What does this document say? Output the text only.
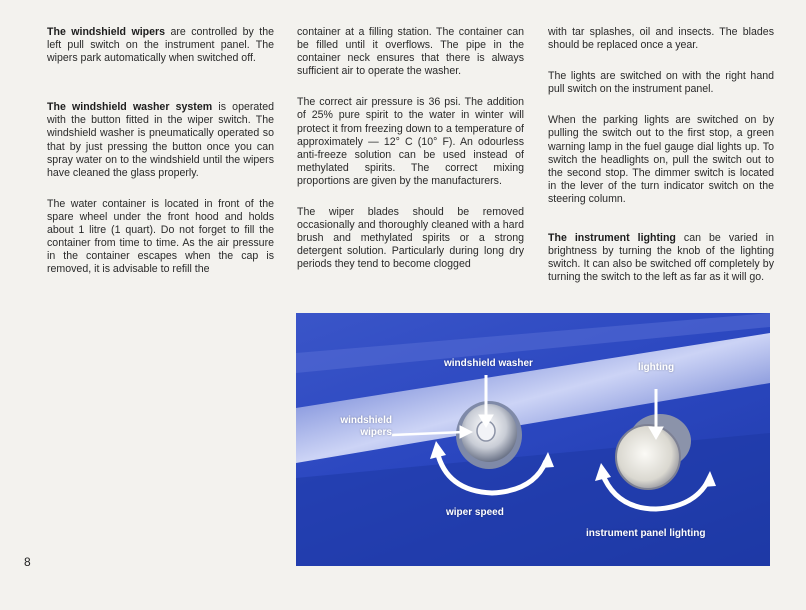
The windshield wipers are controlled by the left pull switch on the instrument panel. The wipers park automatically when switched off.

The windshield washer system is operated with the button fitted in the wiper switch. The windshield washer is pneumatically operated so that by just pressing the button once you can spray water on to the windshield until the wipers have cleaned the glass properly.

The water container is located in front of the spare wheel under the front hood and holds about 1 litre (1 quart). Do not forget to fill the container from time to time. As the air pressure in the container escapes when the cap is removed, it is advisable to refill the

container at a filling station. The container can be filled until it overflows. The pipe in the container neck ensures that there is always sufficient air to operate the washer.

The correct air pressure is 36 psi. The addition of 25% pure spirit to the water in winter will protect it from freezing down to a temperature of approximately — 12° C (10° F). An odourless anti-freeze solution can be used instead of methylated spirits. The correct mixing proportions are given by the manufacturers.

The wiper blades should be removed occasionally and thoroughly cleaned with a hard brush and methylated spirits or a strong detergent solution. Particularly during long dry periods they tend to become clogged

with tar splashes, oil and insects. The blades should be replaced once a year.

The lights are switched on with the right hand pull switch on the instrument panel.

When the parking lights are switched on by pulling the switch out to the first stop, a green warning lamp in the fuel gauge dial lights up. To switch the headlights on, pull the switch out to the second stop. The dimmer switch is located in the lever of the turn indicator switch on the steering column.

The instrument lighting can be varied in brightness by turning the knob of the lighting switch. It can also be switched off completely by turning the switch to the left as far as it will go.

8
windshield washer	lighting
windshield
wipers
wiper speed
instrument panel lighting
